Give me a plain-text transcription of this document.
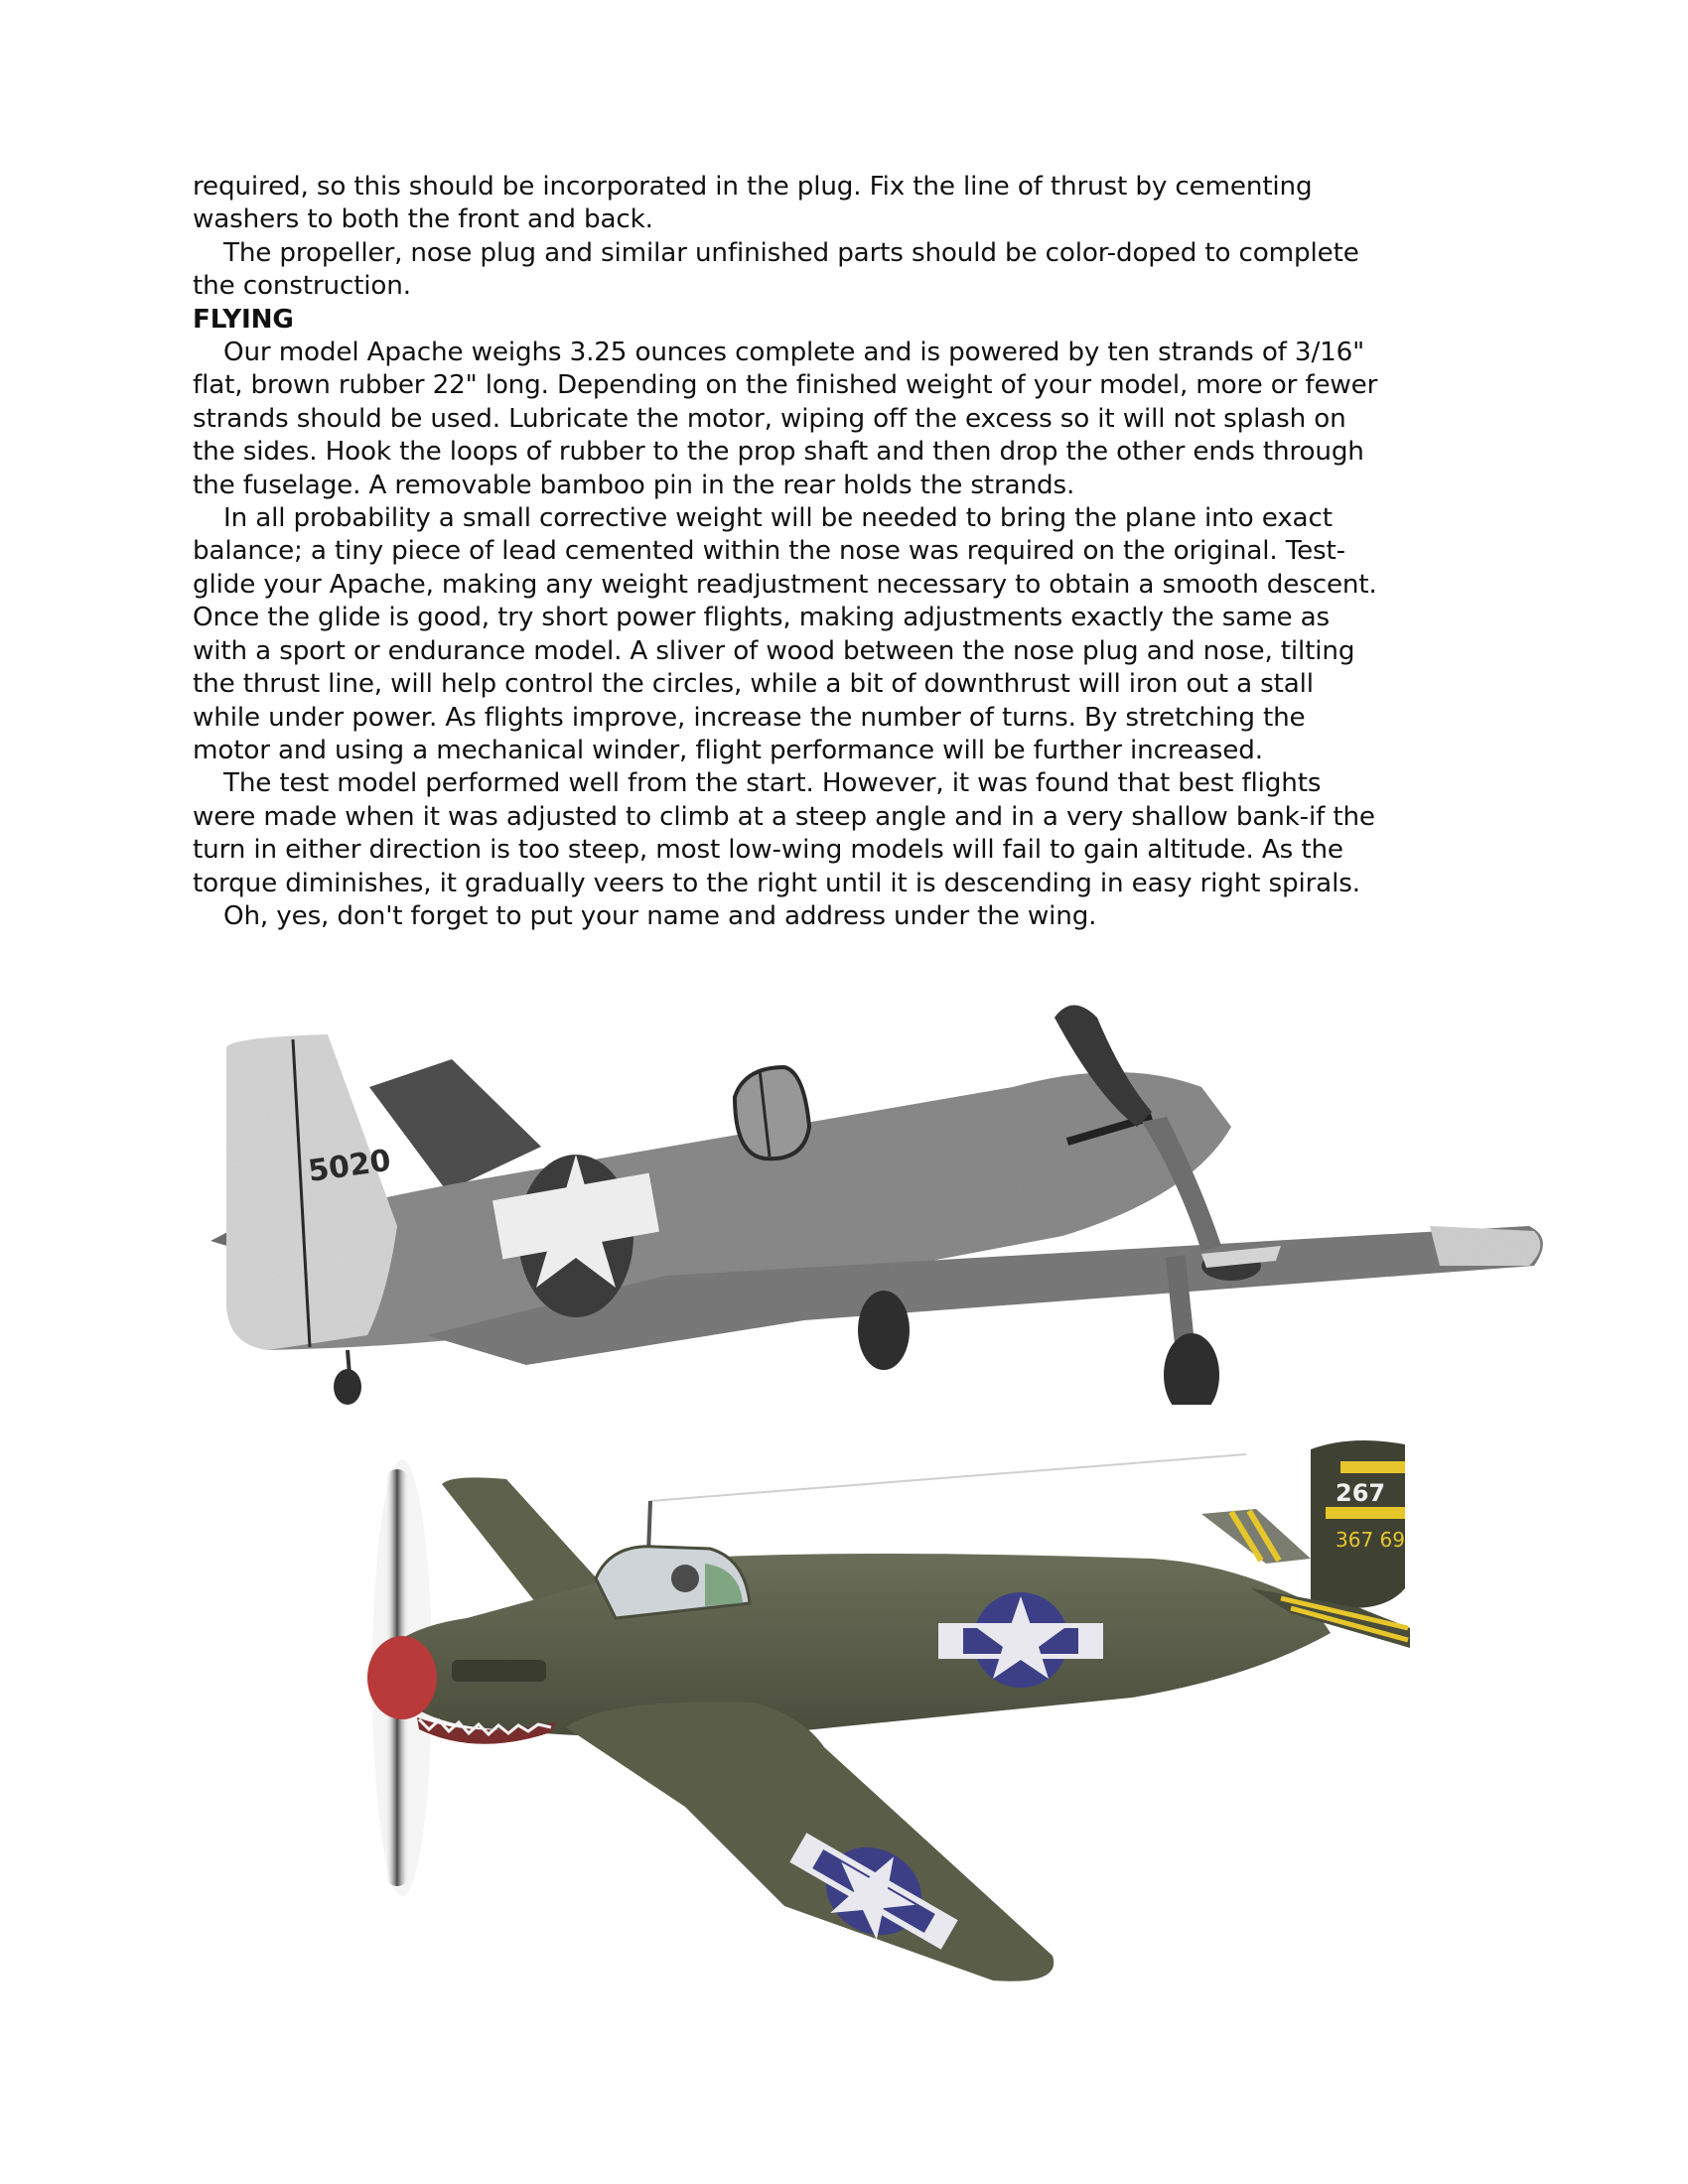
required, so this should be incorporated in the plug. Fix the line of thrust by cementing
washers to both the front and back.
The propeller, nose plug and similar unfinished parts should be color-doped to complete
the construction.
FLYING
Our model Apache weighs 3.25 ounces complete and is powered by ten strands of 3/16"
flat, brown rubber 22" long. Depending on the finished weight of your model, more or fewer
strands should be used. Lubricate the motor, wiping off the excess so it will not splash on
the sides. Hook the loops of rubber to the prop shaft and then drop the other ends through
the fuselage. A removable bamboo pin in the rear holds the strands.
In all probability a small corrective weight will be needed to bring the plane into exact
balance; a tiny piece of lead cemented within the nose was required on the original. Test-
glide your Apache, making any weight readjustment necessary to obtain a smooth descent.
Once the glide is good, try short power flights, making adjustments exactly the same as
with a sport or endurance model. A sliver of wood between the nose plug and nose, tilting
the thrust line, will help control the circles, while a bit of downthrust will iron out a stall
while under power. As flights improve, increase the number of turns. By stretching the
motor and using a mechanical winder, flight performance will be further increased.
The test model performed well from the start. However, it was found that best flights
were made when it was adjusted to climb at a steep angle and in a very shallow bank-if the
turn in either direction is too steep, most low-wing models will fail to gain altitude. As the
torque diminishes, it gradually veers to the right until it is descending in easy right spirals.
Oh, yes, don't forget to put your name and address under the wing.
5020
267
367 69
